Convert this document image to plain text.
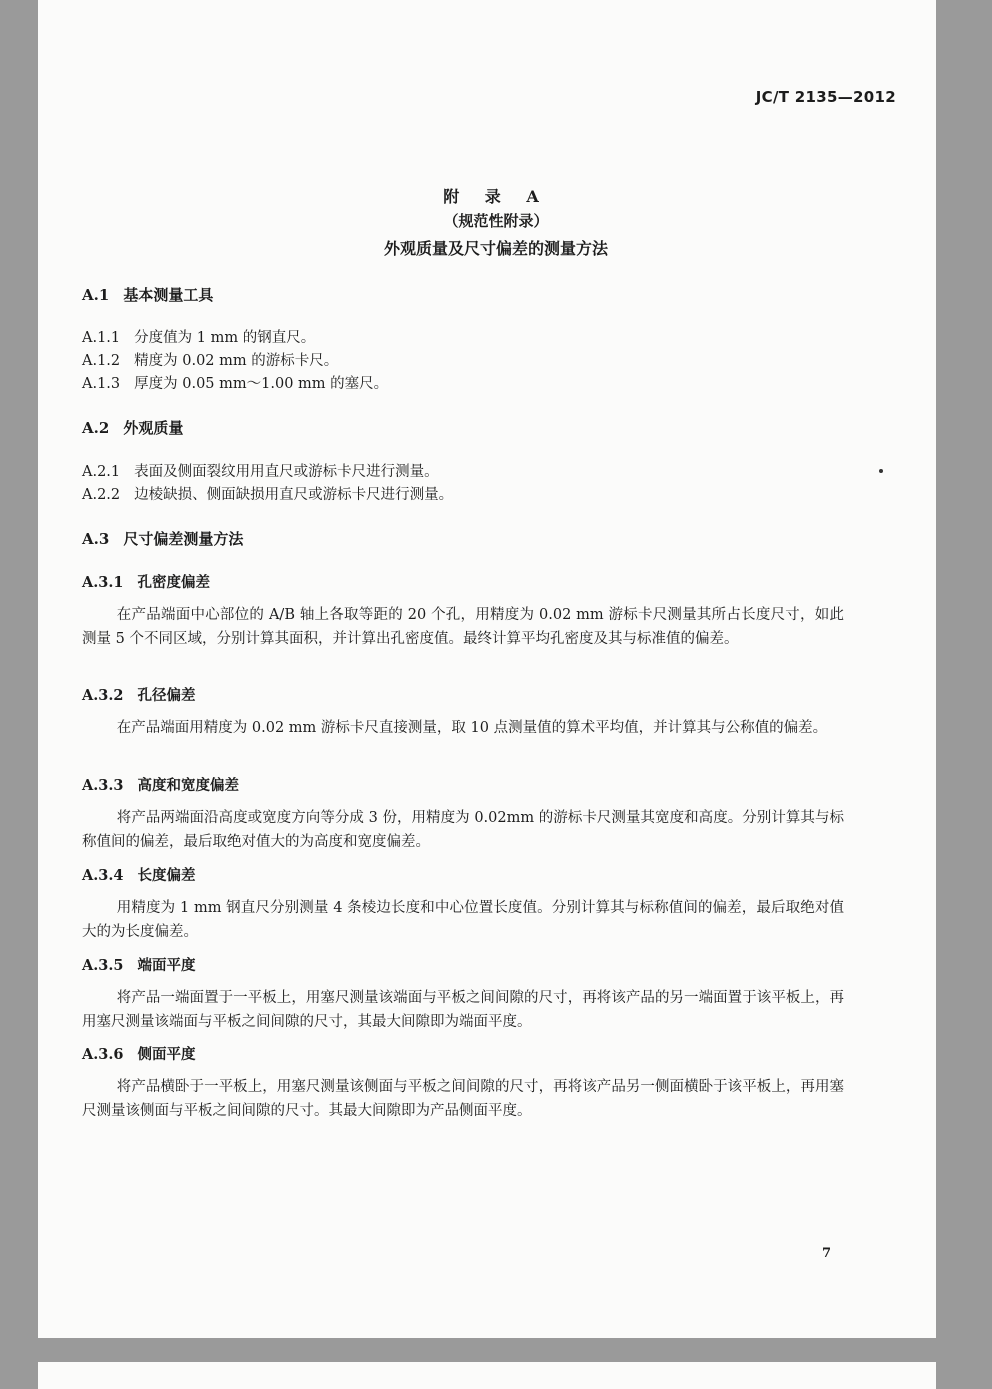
JC/T 2135—2012
附 录 A
（规范性附录）
外观质量及尺寸偏差的测量方法
A.1 基本测量工具
A.1.1 分度值为 1 mm 的钢直尺。
A.1.2 精度为 0.02 mm 的游标卡尺。
A.1.3 厚度为 0.05 mm～1.00 mm 的塞尺。
A.2 外观质量
A.2.1 表面及侧面裂纹用用直尺或游标卡尺进行测量。
A.2.2 边棱缺损、侧面缺损用直尺或游标卡尺进行测量。
A.3 尺寸偏差测量方法
A.3.1 孔密度偏差
在产品端面中心部位的 A/B 轴上各取等距的 20 个孔，用精度为 0.02 mm 游标卡尺测量其所占长度尺寸，如此测量 5 个不同区域，分别计算其面积，并计算出孔密度值。最终计算平均孔密度及其与标准值的偏差。
A.3.2 孔径偏差
在产品端面用精度为 0.02 mm 游标卡尺直接测量，取 10 点测量值的算术平均值，并计算其与公称值的偏差。
A.3.3 高度和宽度偏差
将产品两端面沿高度或宽度方向等分成 3 份，用精度为 0.02mm 的游标卡尺测量其宽度和高度。分别计算其与标称值间的偏差，最后取绝对值大的为高度和宽度偏差。
A.3.4 长度偏差
用精度为 1 mm 钢直尺分别测量 4 条棱边长度和中心位置长度值。分别计算其与标称值间的偏差，最后取绝对值大的为长度偏差。
A.3.5 端面平度
将产品一端面置于一平板上，用塞尺测量该端面与平板之间间隙的尺寸，再将该产品的另一端面置于该平板上，再用塞尺测量该端面与平板之间间隙的尺寸，其最大间隙即为端面平度。
A.3.6 侧面平度
将产品横卧于一平板上，用塞尺测量该侧面与平板之间间隙的尺寸，再将该产品另一侧面横卧于该平板上，再用塞尺测量该侧面与平板之间间隙的尺寸。其最大间隙即为产品侧面平度。
7
